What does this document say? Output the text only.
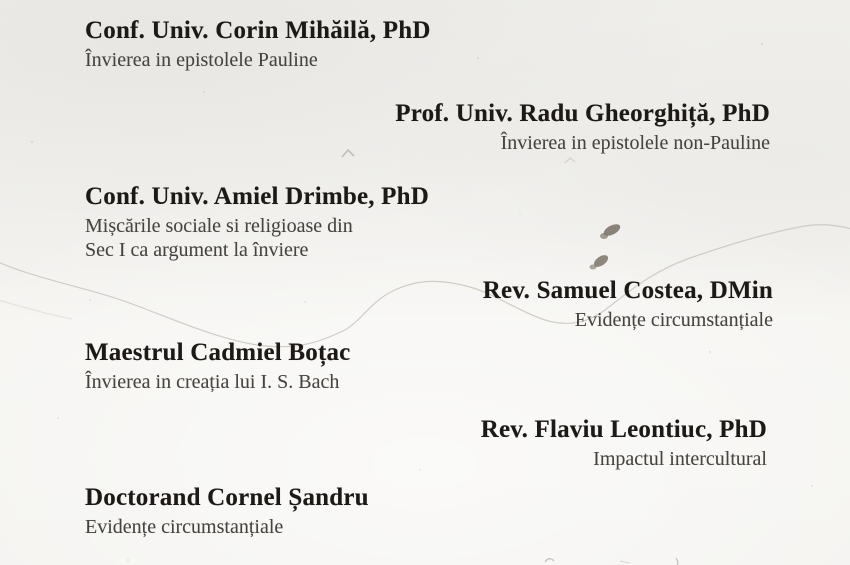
Conf. Univ. Corin Mihăilă, PhD
Învierea in epistolele Pauline
Prof. Univ. Radu Gheorghiță, PhD
Învierea in epistolele non-Pauline
Conf. Univ. Amiel Drimbe, PhD
Mișcările sociale si religioase din
Sec I ca argument la înviere
Rev. Samuel Costea, DMin
Evidențe circumstanțiale
Maestrul Cadmiel Boțac
Învierea in creația lui I. S. Bach
Rev. Flaviu Leontiuc, PhD
Impactul intercultural
Doctorand Cornel Șandru
Evidențe circumstanțiale
